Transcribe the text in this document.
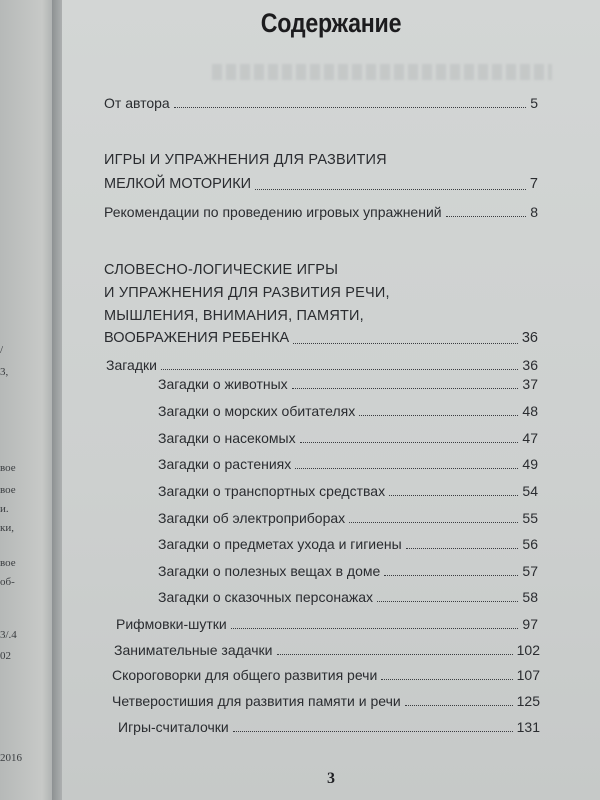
/
3,
вое
вое
и.
ки,
вое
об-
3/.4
02
2016
Содержание
От автора	5
ИГРЫ И УПРАЖНЕНИЯ ДЛЯ РАЗВИТИЯ
МЕЛКОЙ МОТОРИКИ	7
Рекомендации по проведению игровых упражнений	8
СЛОВЕСНО-ЛОГИЧЕСКИЕ ИГРЫ
И УПРАЖНЕНИЯ ДЛЯ РАЗВИТИЯ РЕЧИ,
МЫШЛЕНИЯ, ВНИМАНИЯ, ПАМЯТИ,
ВООБРАЖЕНИЯ РЕБЕНКА	36
Загадки	36
Загадки о животных	37
Загадки о морских обитателях	48
Загадки о насекомых	47
Загадки о растениях	49
Загадки о транспортных средствах	54
Загадки об электроприборах	55
Загадки о предметах ухода и гигиены	56
Загадки о полезных вещах в доме	57
Загадки о сказочных персонажах	58
Рифмовки-шутки	97
Занимательные задачки	102
Скороговорки для общего развития речи	107
Четверостишия для развития памяти и речи	125
Игры-считалочки	131
3
